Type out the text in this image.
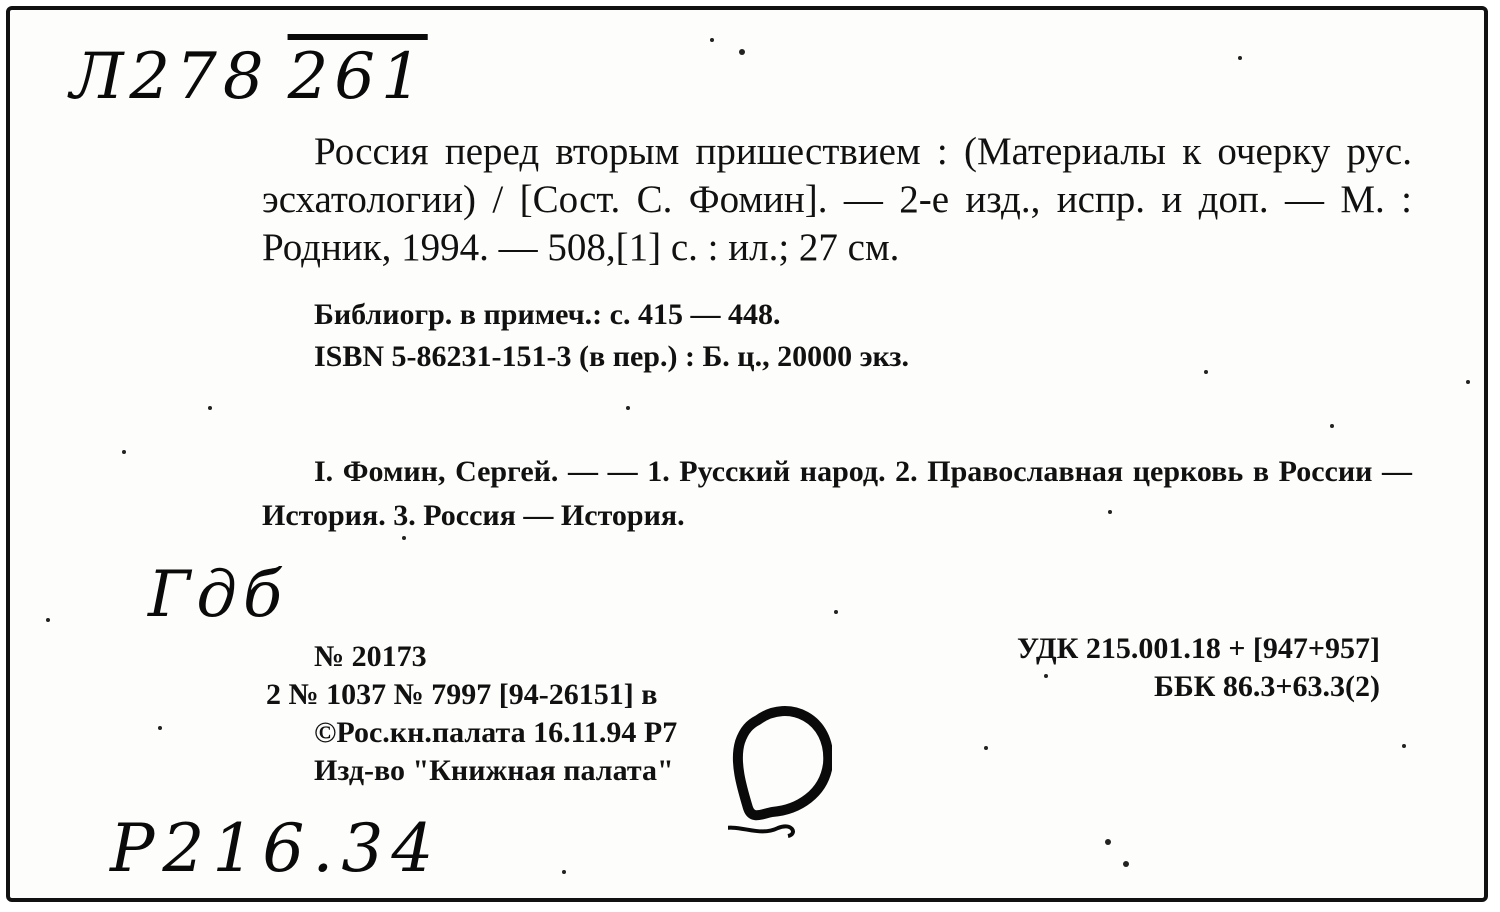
Л278 261
Россия перед вторым пришествием : (Материалы к очерку рус. эсхатологии) / [Сост. С. Фомин]. — 2-е изд., испр. и доп. — М. : Родник, 1994. — 508,[1] с. : ил.; 27 см.
Библиогр. в примеч.: с. 415 — 448.
ISBN 5-86231-151-3 (в пер.) : Б. ц., 20000 экз.
I. Фомин, Сергей. — — 1. Русский народ. 2. Православная церковь в России — История. 3. Россия — История.
Гдб
№ 20173
2 № 1037 № 7997 [94-26151] в
©Рос.кн.палата 16.11.94 Р7
Изд-во "Книжная палата"
УДК 215.001.18 + [947+957]
ББК 86.3+63.3(2)
Р216.34
